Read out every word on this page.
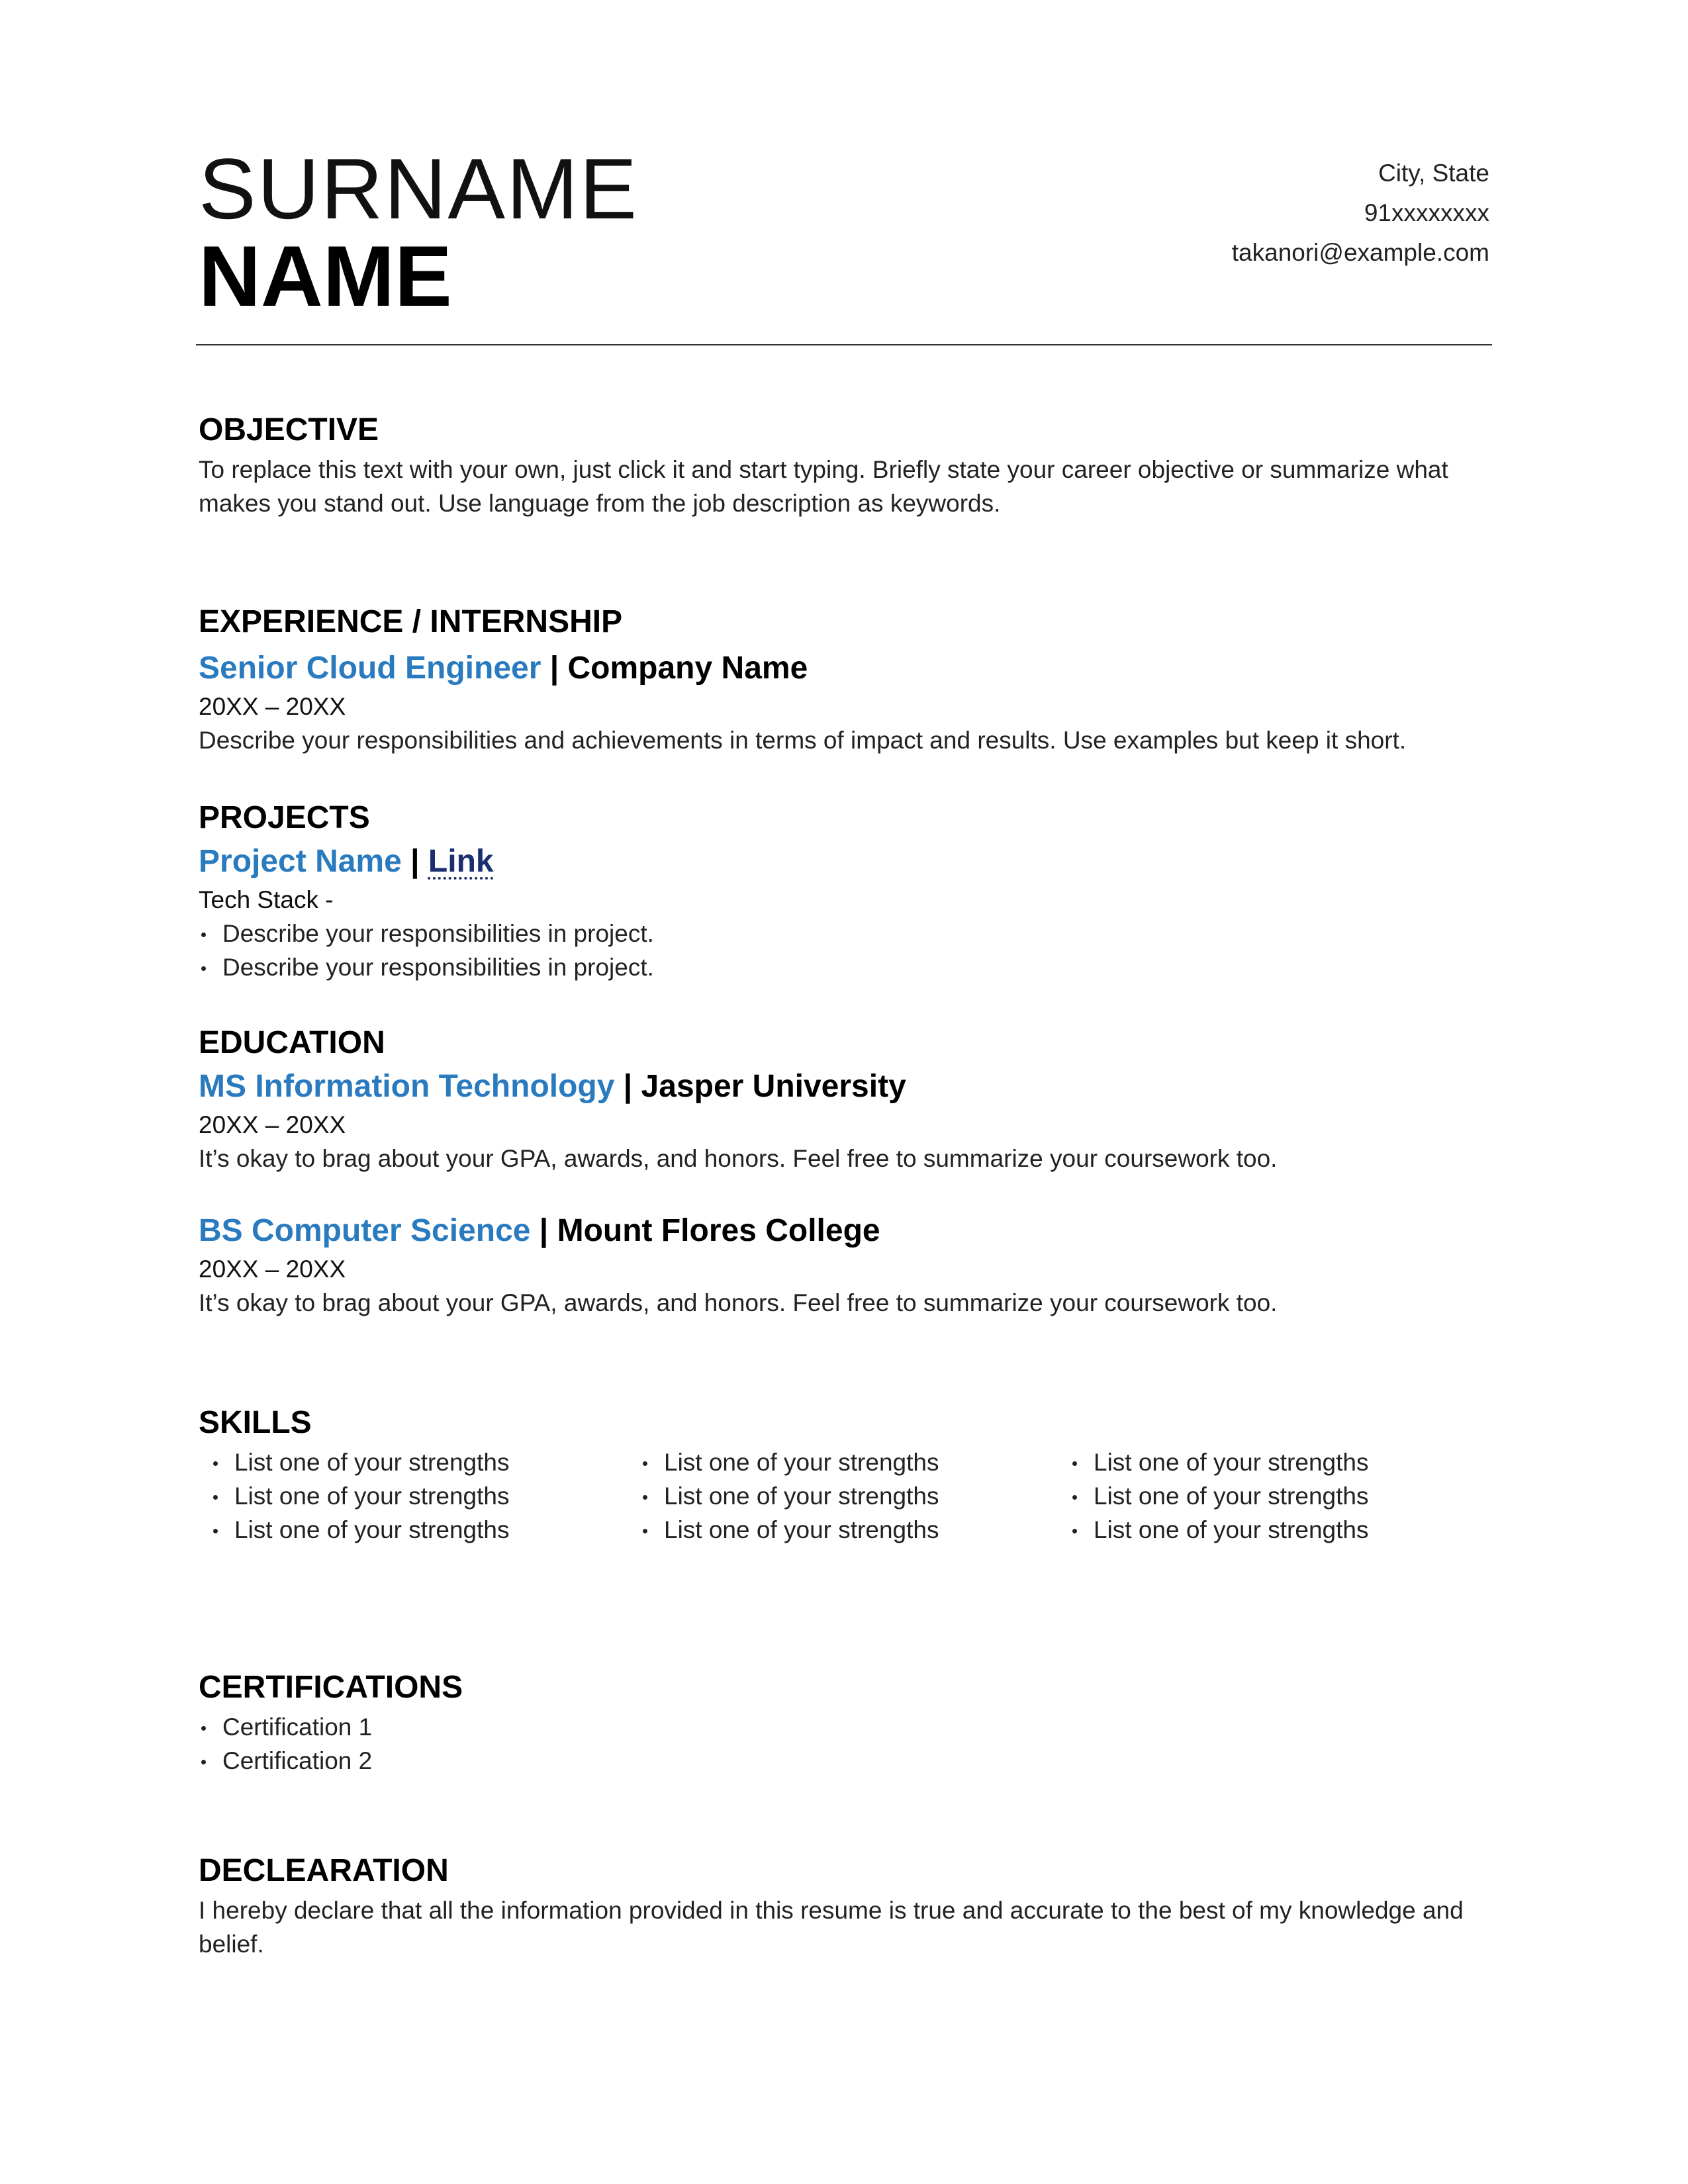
SURNAME
NAME
City, State
91xxxxxxxx
takanori@example.com
OBJECTIVE
To replace this text with your own, just click it and start typing. Briefly state your career objective or summarize what makes you stand out. Use language from the job description as keywords.
EXPERIENCE / INTERNSHIP
Senior Cloud Engineer | Company Name
20XX – 20XX
Describe your responsibilities and achievements in terms of impact and results. Use examples but keep it short.
PROJECTS
Project Name | Link
Tech Stack -
Describe your responsibilities in project.
Describe your responsibilities in project.
EDUCATION
MS Information Technology | Jasper University
20XX – 20XX
It’s okay to brag about your GPA, awards, and honors. Feel free to summarize your coursework too.
BS Computer Science | Mount Flores College
20XX – 20XX
It’s okay to brag about your GPA, awards, and honors. Feel free to summarize your coursework too.
SKILLS
List one of your strengths
List one of your strengths
List one of your strengths
List one of your strengths
List one of your strengths
List one of your strengths
List one of your strengths
List one of your strengths
List one of your strengths
CERTIFICATIONS
Certification 1
Certification 2
DECLEARATION
I hereby declare that all the information provided in this resume is true and accurate to the best of my knowledge and belief.
